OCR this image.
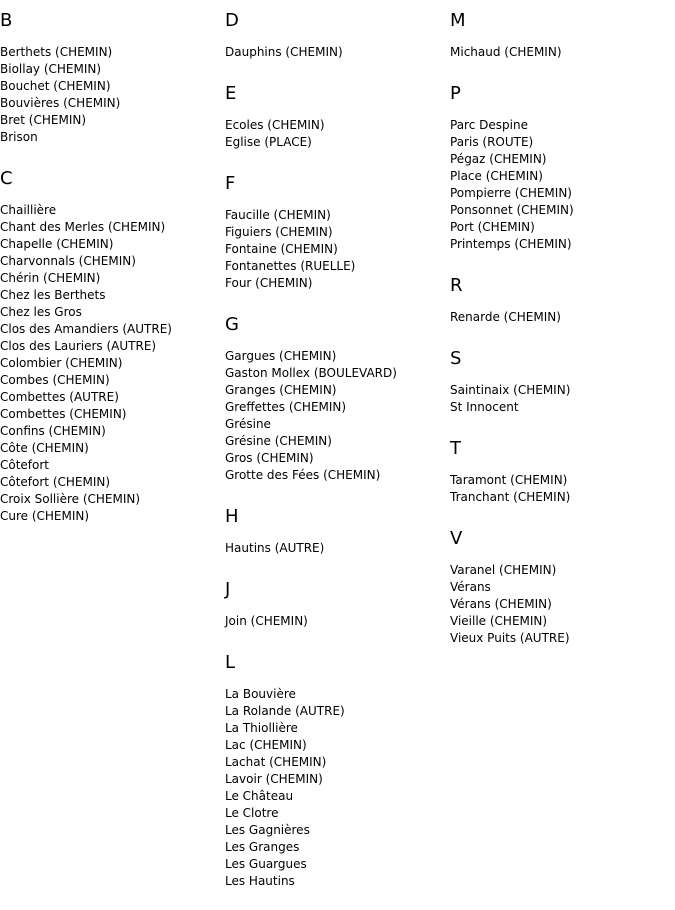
B
Berthets (CHEMIN)
Biollay (CHEMIN)
Bouchet (CHEMIN)
Bouvières (CHEMIN)
Bret (CHEMIN)
Brison
C
Chaillière
Chant des Merles (CHEMIN)
Chapelle (CHEMIN)
Charvonnals (CHEMIN)
Chérin (CHEMIN)
Chez les Berthets
Chez les Gros
Clos des Amandiers (AUTRE)
Clos des Lauriers (AUTRE)
Colombier (CHEMIN)
Combes (CHEMIN)
Combettes (AUTRE)
Combettes (CHEMIN)
Confins (CHEMIN)
Côte (CHEMIN)
Côtefort
Côtefort (CHEMIN)
Croix Sollière (CHEMIN)
Cure (CHEMIN)
D
Dauphins (CHEMIN)
E
Ecoles (CHEMIN)
Eglise (PLACE)
F
Faucille (CHEMIN)
Figuiers (CHEMIN)
Fontaine (CHEMIN)
Fontanettes (RUELLE)
Four (CHEMIN)
G
Gargues (CHEMIN)
Gaston Mollex (BOULEVARD)
Granges (CHEMIN)
Greffettes (CHEMIN)
Grésine
Grésine (CHEMIN)
Gros (CHEMIN)
Grotte des Fées (CHEMIN)
H
Hautins (AUTRE)
J
Join (CHEMIN)
L
La Bouvière
La Rolande (AUTRE)
La Thiollière
Lac (CHEMIN)
Lachat (CHEMIN)
Lavoir (CHEMIN)
Le Château
Le Clotre
Les Gagnières
Les Granges
Les Guargues
Les Hautins
M
Michaud (CHEMIN)
P
Parc Despine
Paris (ROUTE)
Pégaz (CHEMIN)
Place (CHEMIN)
Pompierre (CHEMIN)
Ponsonnet (CHEMIN)
Port (CHEMIN)
Printemps (CHEMIN)
R
Renarde (CHEMIN)
S
Saintinaix (CHEMIN)
St Innocent
T
Taramont (CHEMIN)
Tranchant (CHEMIN)
V
Varanel (CHEMIN)
Vérans
Vérans (CHEMIN)
Vieille (CHEMIN)
Vieux Puits (AUTRE)
